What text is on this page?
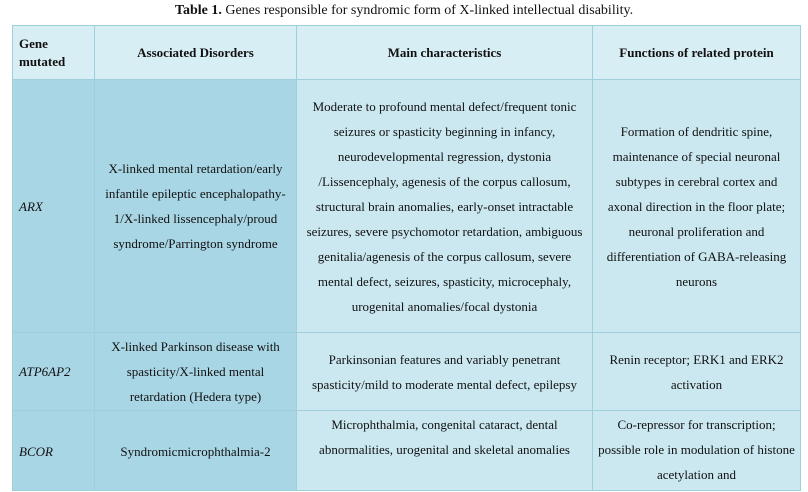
Table 1. Genes responsible for syndromic form of X-linked intellectual disability.
Gene mutated	Associated Disorders	Main characteristics	Functions of related protein
ARX	X-linked mental retardation/early infantile epileptic encephalopathy-1/X-linked lissencephaly/proud syndrome/Parrington syndrome	Moderate to profound mental defect/frequent tonic seizures or spasticity beginning in infancy, neurodevelopmental regression, dystonia /Lissencephaly, agenesis of the corpus callosum, structural brain anomalies, early-onset intractable seizures, severe psychomotor retardation, ambiguous genitalia/agenesis of the corpus callosum, severe mental defect, seizures, spasticity, microcephaly, urogenital anomalies/focal dystonia	Formation of dendritic spine, maintenance of special neuronal subtypes in cerebral cortex and axonal direction in the floor plate; neuronal proliferation and differentiation of GABA-releasing neurons
ATP6AP2	X-linked Parkinson disease with spasticity/X-linked mental retardation (Hedera type)	Parkinsonian features and variably penetrant spasticity/mild to moderate mental defect, epilepsy	Renin receptor; ERK1 and ERK2 activation
BCOR	Syndromicmicrophthalmia-2	Microphthalmia, congenital cataract, dental abnormalities, urogenital and skeletal anomalies	Co-repressor for transcription; possible role in modulation of histone acetylation and
